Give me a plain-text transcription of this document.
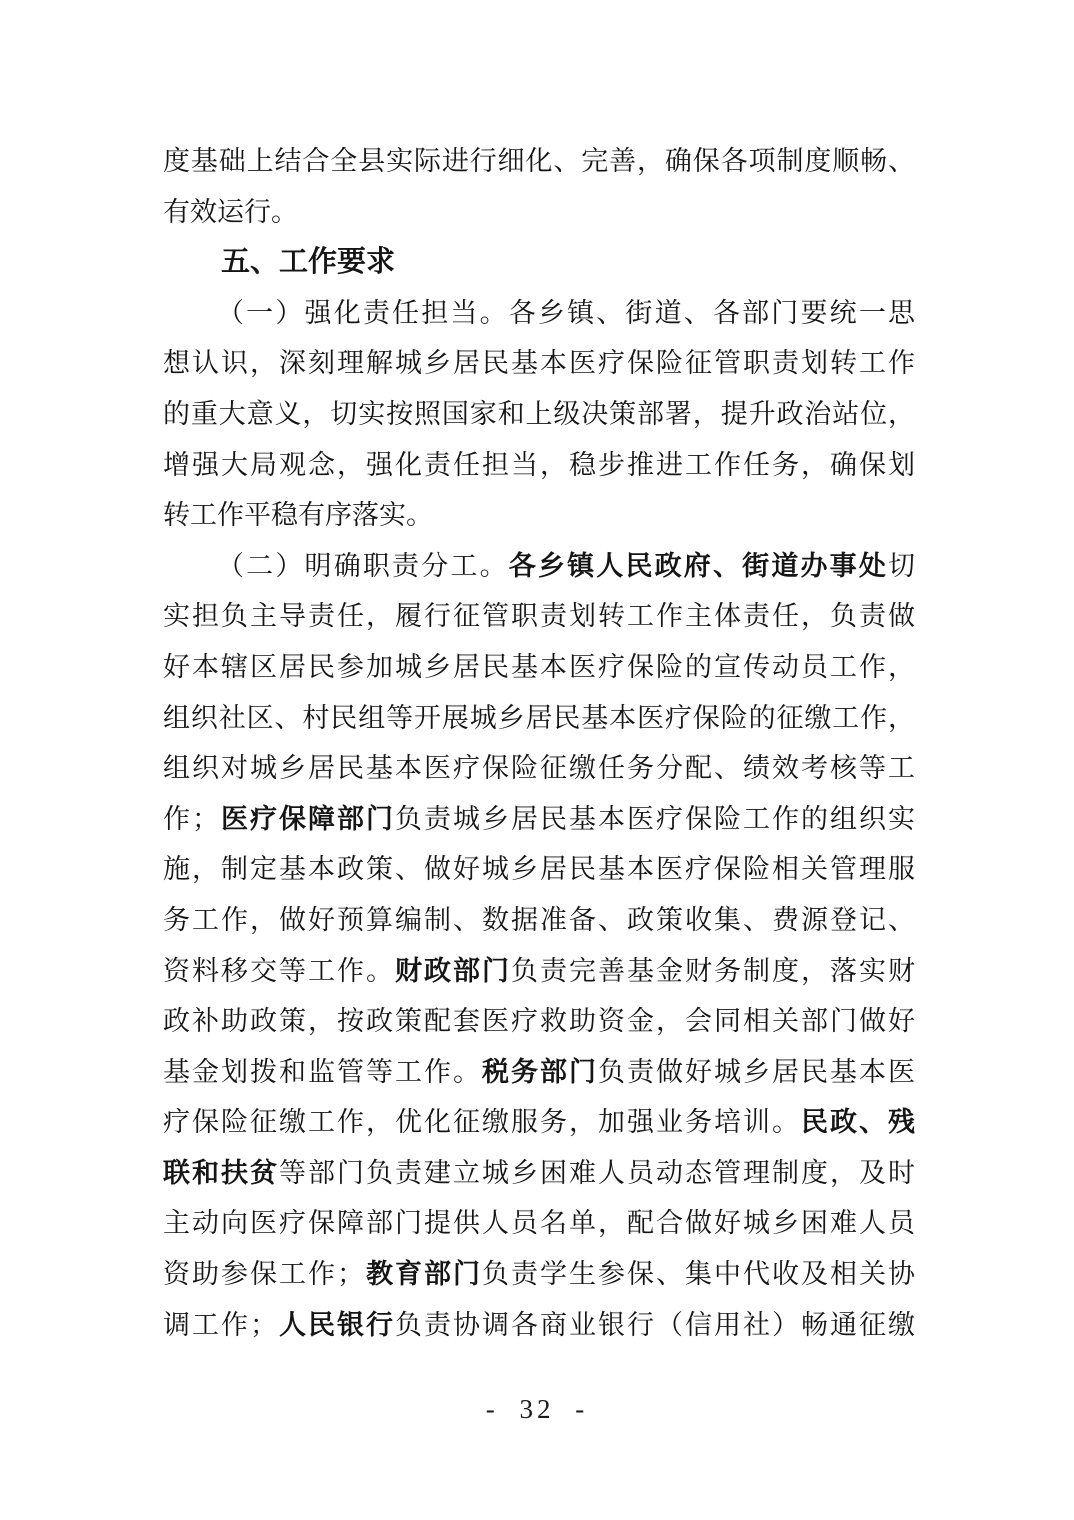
度基础上结合全县实际进行细化、完善，确保各项制度顺畅、
有效运行。
五、工作要求
（一）强化责任担当。各乡镇、街道、各部门要统一思
想认识，深刻理解城乡居民基本医疗保险征管职责划转工作
的重大意义，切实按照国家和上级决策部署，提升政治站位，
增强大局观念，强化责任担当，稳步推进工作任务，确保划
转工作平稳有序落实。
（二）明确职责分工。各乡镇人民政府、街道办事处切
实担负主导责任，履行征管职责划转工作主体责任，负责做
好本辖区居民参加城乡居民基本医疗保险的宣传动员工作，
组织社区、村民组等开展城乡居民基本医疗保险的征缴工作，
组织对城乡居民基本医疗保险征缴任务分配、绩效考核等工
作；医疗保障部门负责城乡居民基本医疗保险工作的组织实
施，制定基本政策、做好城乡居民基本医疗保险相关管理服
务工作，做好预算编制、数据准备、政策收集、费源登记、
资料移交等工作。财政部门负责完善基金财务制度，落实财
政补助政策，按政策配套医疗救助资金，会同相关部门做好
基金划拨和监管等工作。税务部门负责做好城乡居民基本医
疗保险征缴工作，优化征缴服务，加强业务培训。民政、残
联和扶贫等部门负责建立城乡困难人员动态管理制度，及时
主动向医疗保障部门提供人员名单，配合做好城乡困难人员
资助参保工作；教育部门负责学生参保、集中代收及相关协
调工作；人民银行负责协调各商业银行（信用社）畅通征缴
- 32 -
